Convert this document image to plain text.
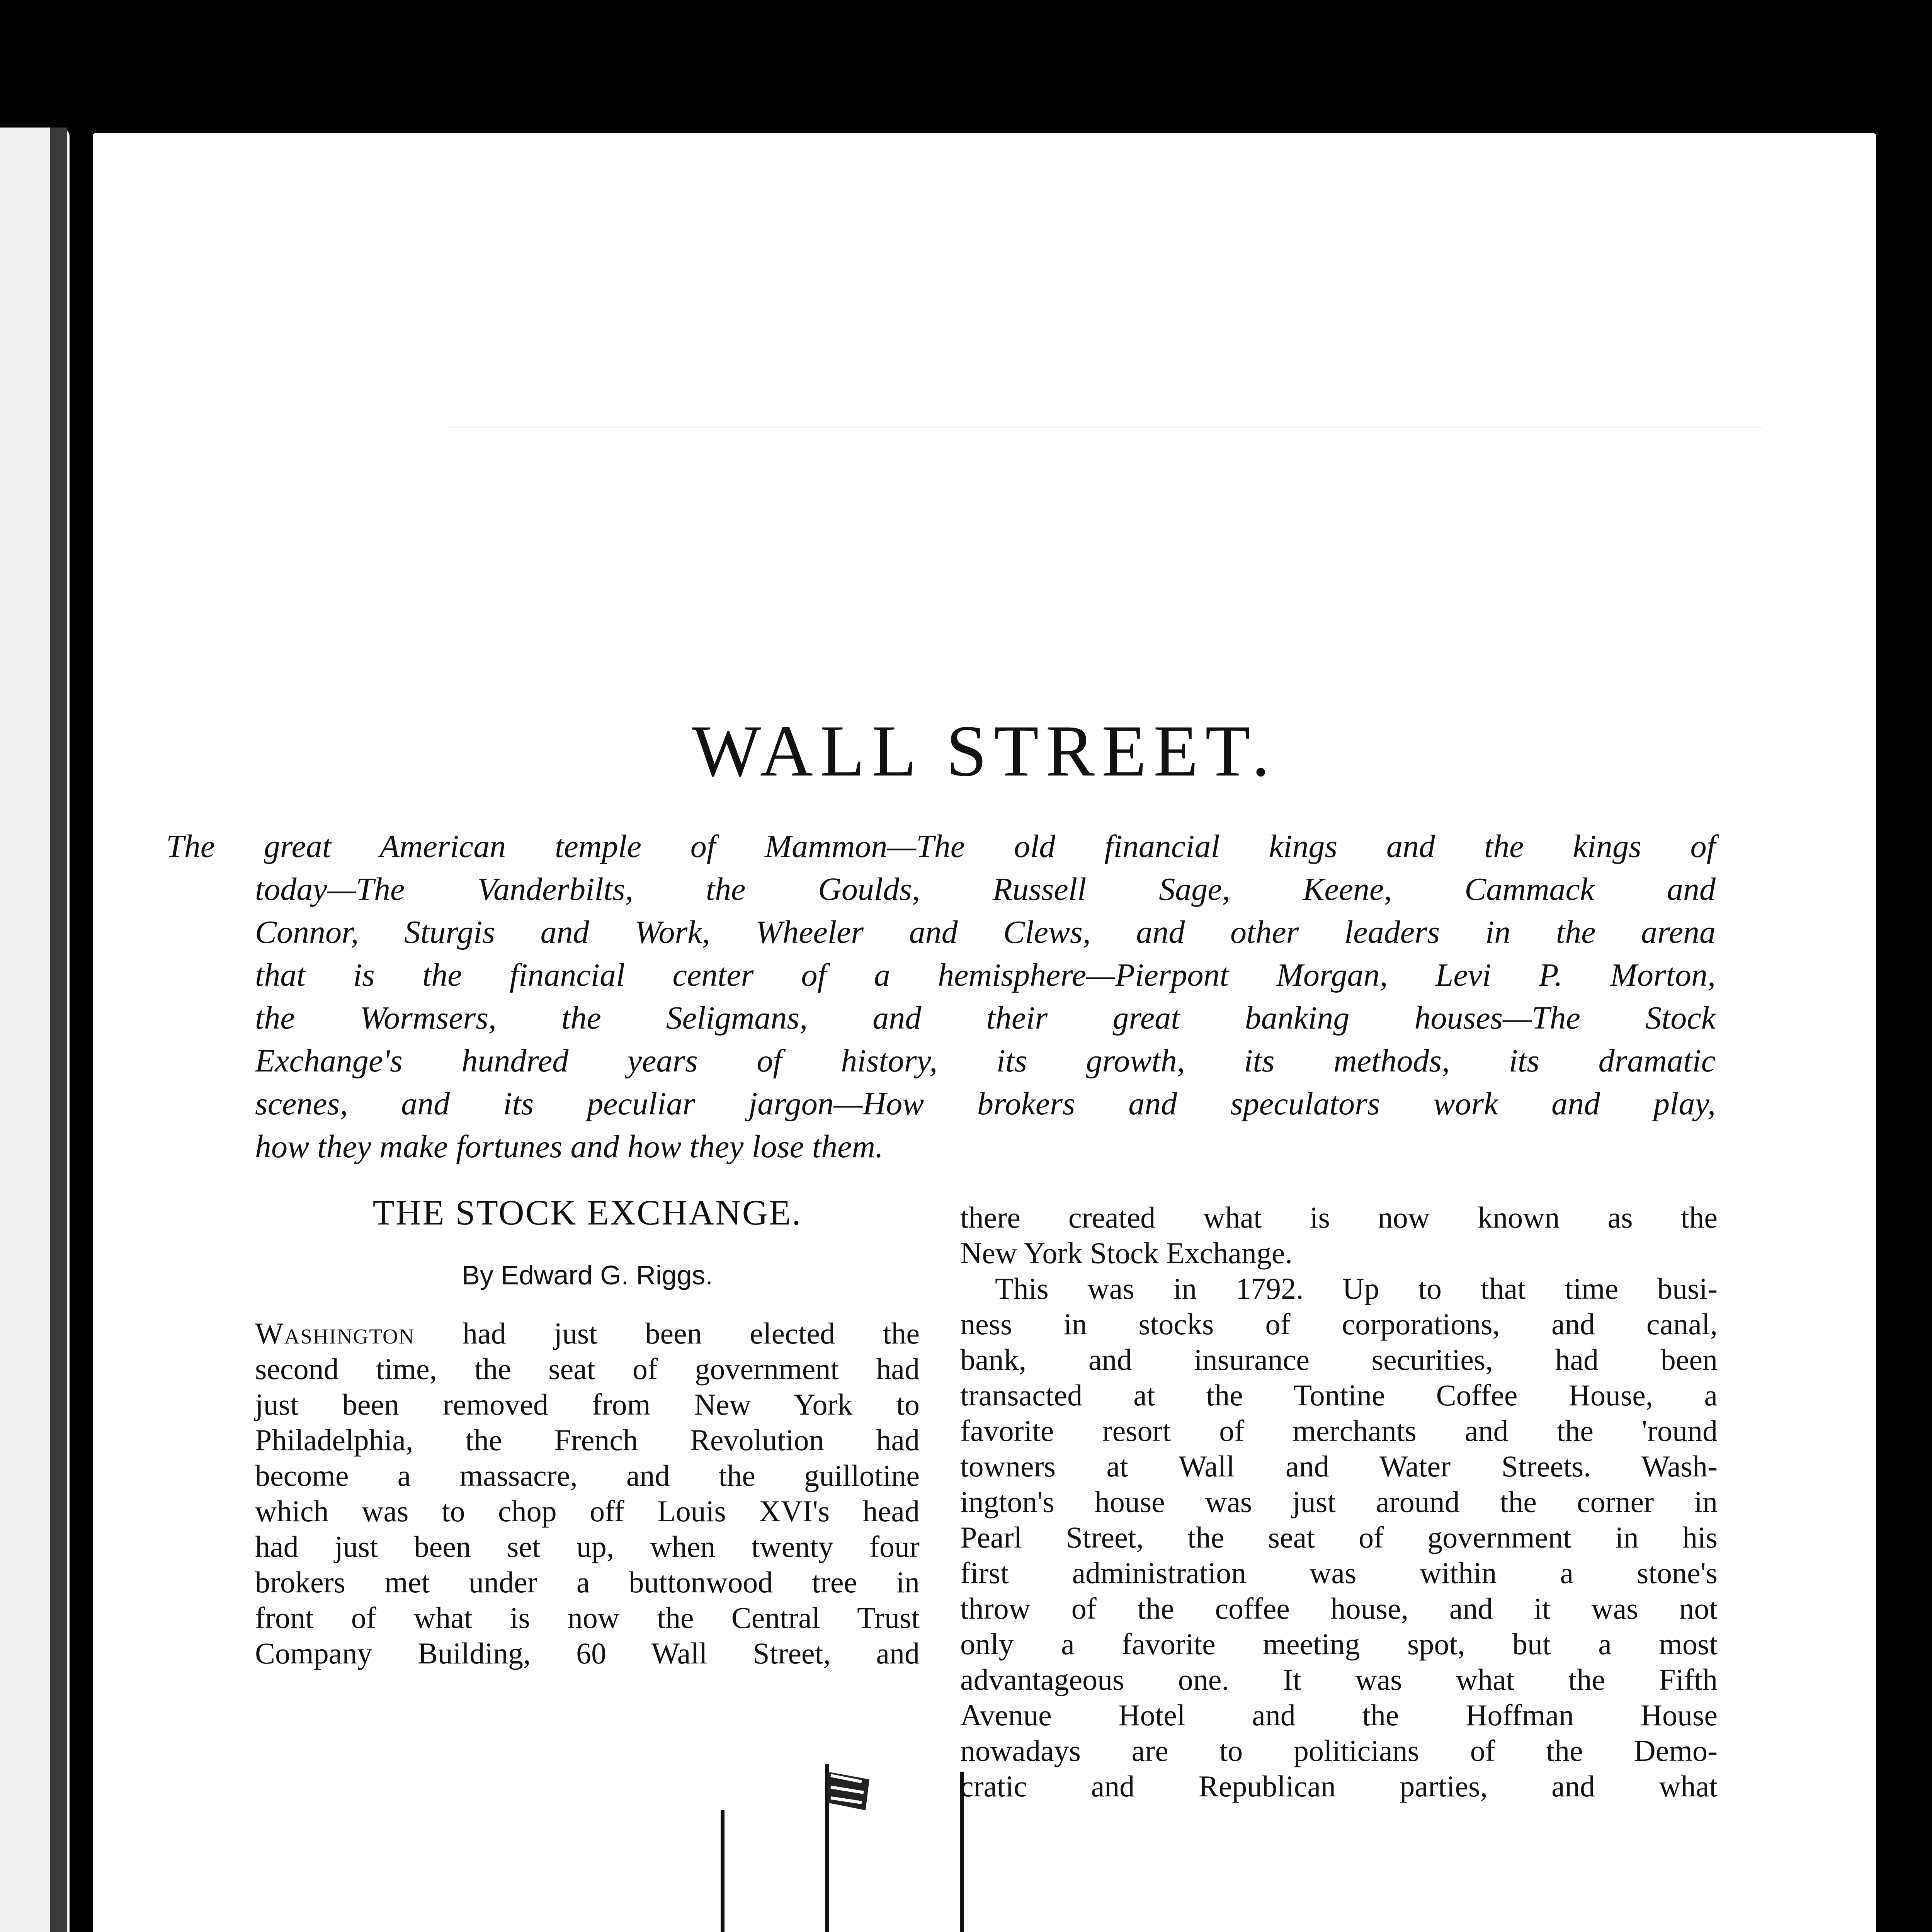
WALL STREET.
The great American temple of Mammon—The old financial kings and the kings of
today—The Vanderbilts, the Goulds, Russell Sage, Keene, Cammack and
Connor, Sturgis and Work, Wheeler and Clews, and other leaders in the arena
that is the financial center of a hemisphere—Pierpont Morgan, Levi P. Morton,
the Wormsers, the Seligmans, and their great banking houses—The Stock
Exchange's hundred years of history, its growth, its methods, its dramatic
scenes, and its peculiar jargon—How brokers and speculators work and play,
how they make fortunes and how they lose them.
THE STOCK EXCHANGE.
By Edward G. Riggs.
Washington had just been elected the
second time, the seat of government had
just been removed from New York to
Philadelphia, the French Revolution had
become a massacre, and the guillotine
which was to chop off Louis XVI's head
had just been set up, when twenty four
brokers met under a buttonwood tree in
front of what is now the Central Trust
Company Building, 60 Wall Street, and
there created what is now known as the
New York Stock Exchange.
This was in 1792. Up to that time busi-
ness in stocks of corporations, and canal,
bank, and insurance securities, had been
transacted at the Tontine Coffee House, a
favorite resort of merchants and the 'round
towners at Wall and Water Streets. Wash-
ington's house was just around the corner in
Pearl Street, the seat of government in his
first administration was within a stone's
throw of the coffee house, and it was not
only a favorite meeting spot, but a most
advantageous one. It was what the Fifth
Avenue Hotel and the Hoffman House
nowadays are to politicians of the Demo-
cratic and Republican parties, and what
